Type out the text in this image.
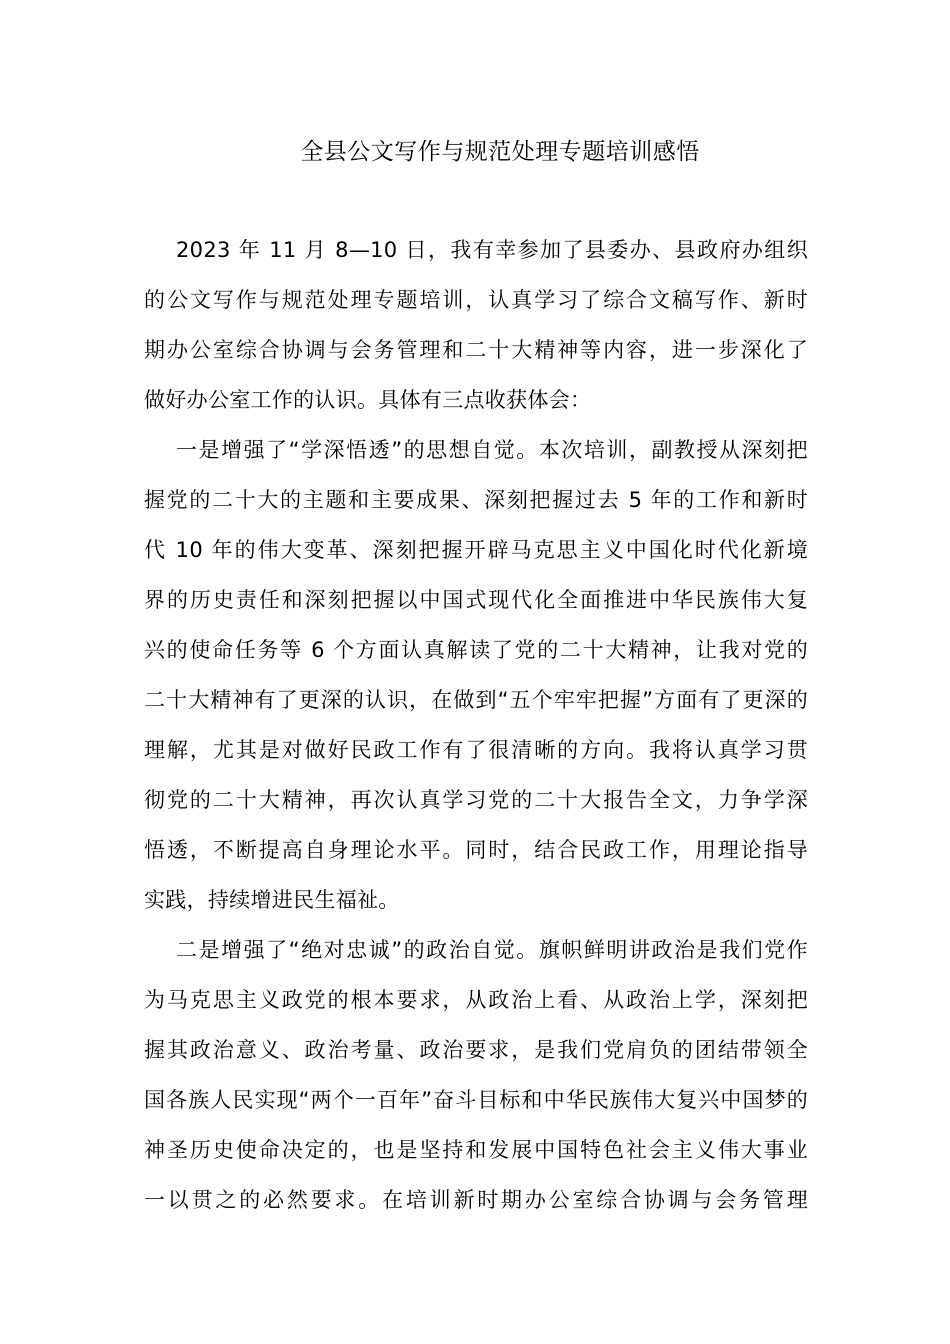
全县公文写作与规范处理专题培训感悟
2023 年 11 月 8—10 日，我有幸参加了县委办、县政府办组织
的公文写作与规范处理专题培训，认真学习了综合文稿写作、新时
期办公室综合协调与会务管理和二十大精神等内容，进一步深化了
做好办公室工作的认识。具体有三点收获体会：
一是增强了“学深悟透”的思想自觉。本次培训，副教授从深刻把
握党的二十大的主题和主要成果、深刻把握过去 5 年的工作和新时
代 10 年的伟大变革、深刻把握开辟马克思主义中国化时代化新境
界的历史责任和深刻把握以中国式现代化全面推进中华民族伟大复
兴的使命任务等 6 个方面认真解读了党的二十大精神，让我对党的
二十大精神有了更深的认识，在做到“五个牢牢把握”方面有了更深的
理解，尤其是对做好民政工作有了很清晰的方向。我将认真学习贯
彻党的二十大精神，再次认真学习党的二十大报告全文，力争学深
悟透，不断提高自身理论水平。同时，结合民政工作，用理论指导
实践，持续增进民生福祉。
二是增强了“绝对忠诚”的政治自觉。旗帜鲜明讲政治是我们党作
为马克思主义政党的根本要求，从政治上看、从政治上学，深刻把
握其政治意义、政治考量、政治要求，是我们党肩负的团结带领全
国各族人民实现“两个一百年”奋斗目标和中华民族伟大复兴中国梦的
神圣历史使命决定的，也是坚持和发展中国特色社会主义伟大事业
一以贯之的必然要求。在培训新时期办公室综合协调与会务管理
